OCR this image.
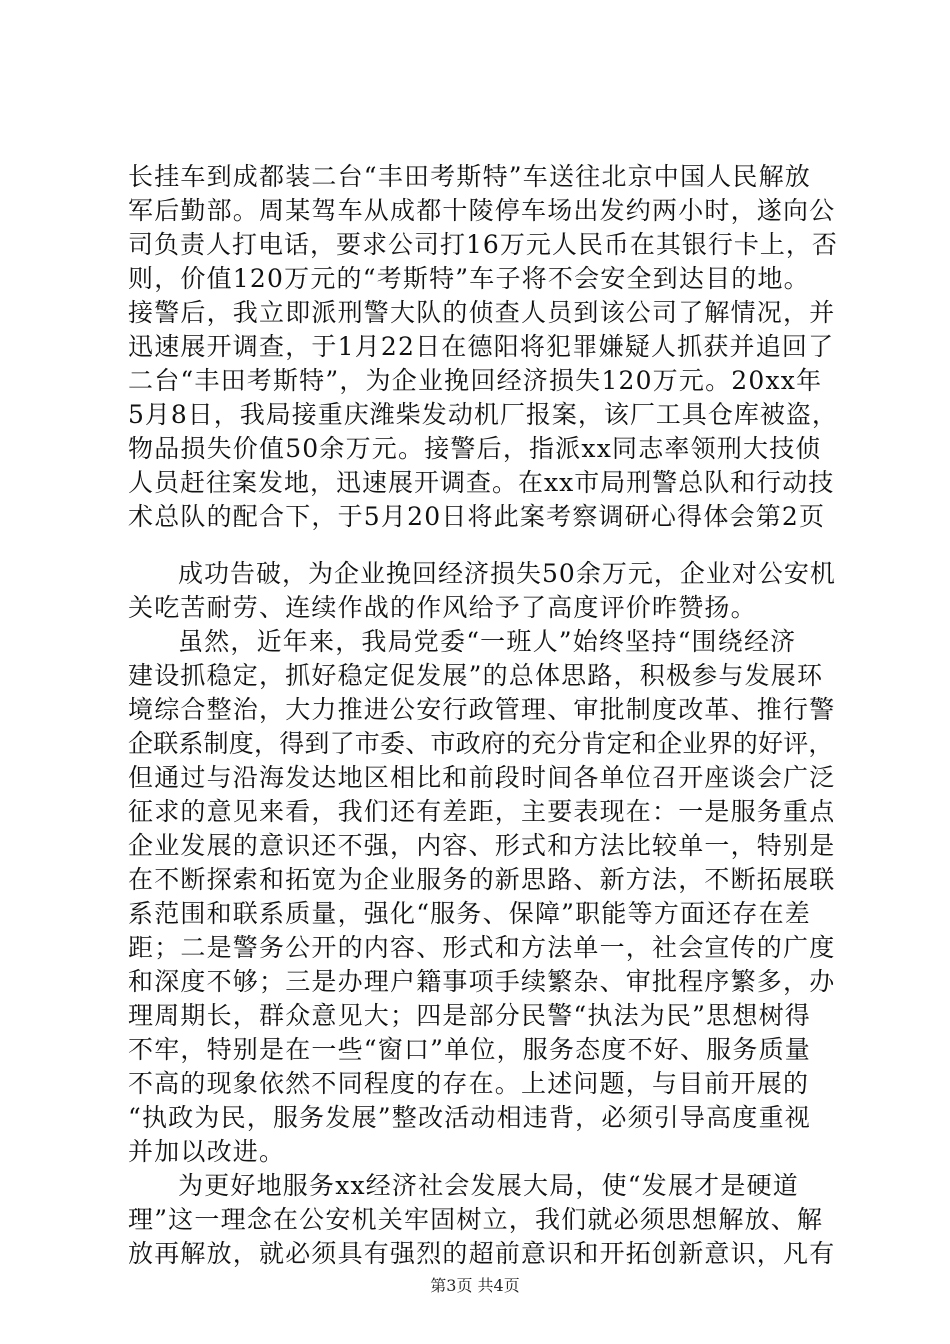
长挂车到成都装二台“丰田考斯特”车送往北京中国人民解放
军后勤部。周某驾车从成都十陵停车场出发约两小时，遂向公
司负责人打电话，要求公司打16万元人民币在其银行卡上，否
则，价值120万元的“考斯特”车子将不会安全到达目的地。
接警后，我立即派刑警大队的侦查人员到该公司了解情况，并
迅速展开调查，于1月22日在德阳将犯罪嫌疑人抓获并追回了
二台“丰田考斯特”，为企业挽回经济损失120万元。20xx年
5月8日，我局接重庆潍柴发动机厂报案，该厂工具仓库被盗，
物品损失价值50余万元。接警后，指派xx同志率领刑大技侦
人员赶往案发地，迅速展开调查。在xx市局刑警总队和行动技
术总队的配合下，于5月20日将此案考察调研心得体会第2页
成功告破，为企业挽回经济损失50余万元，企业对公安机
关吃苦耐劳、连续作战的作风给予了高度评价昨赞扬。
虽然，近年来，我局党委“一班人”始终坚持“围绕经济
建设抓稳定，抓好稳定促发展”的总体思路，积极参与发展环
境综合整治，大力推进公安行政管理、审批制度改革、推行警
企联系制度，得到了市委、市政府的充分肯定和企业界的好评，
但通过与沿海发达地区相比和前段时间各单位召开座谈会广泛
征求的意见来看，我们还有差距，主要表现在：一是服务重点
企业发展的意识还不强，内容、形式和方法比较单一，特别是
在不断探索和拓宽为企业服务的新思路、新方法，不断拓展联
系范围和联系质量，强化“服务、保障”职能等方面还存在差
距；二是警务公开的内容、形式和方法单一，社会宣传的广度
和深度不够；三是办理户籍事项手续繁杂、审批程序繁多，办
理周期长，群众意见大；四是部分民警“执法为民”思想树得
不牢，特别是在一些“窗口”单位，服务态度不好、服务质量
不高的现象依然不同程度的存在。上述问题，与目前开展的
“执政为民，服务发展”整改活动相违背，必须引导高度重视
并加以改进。
为更好地服务xx经济社会发展大局，使“发展才是硬道
理”这一理念在公安机关牢固树立，我们就必须思想解放、解
放再解放，就必须具有强烈的超前意识和开拓创新意识，凡有
第3页 共4页
